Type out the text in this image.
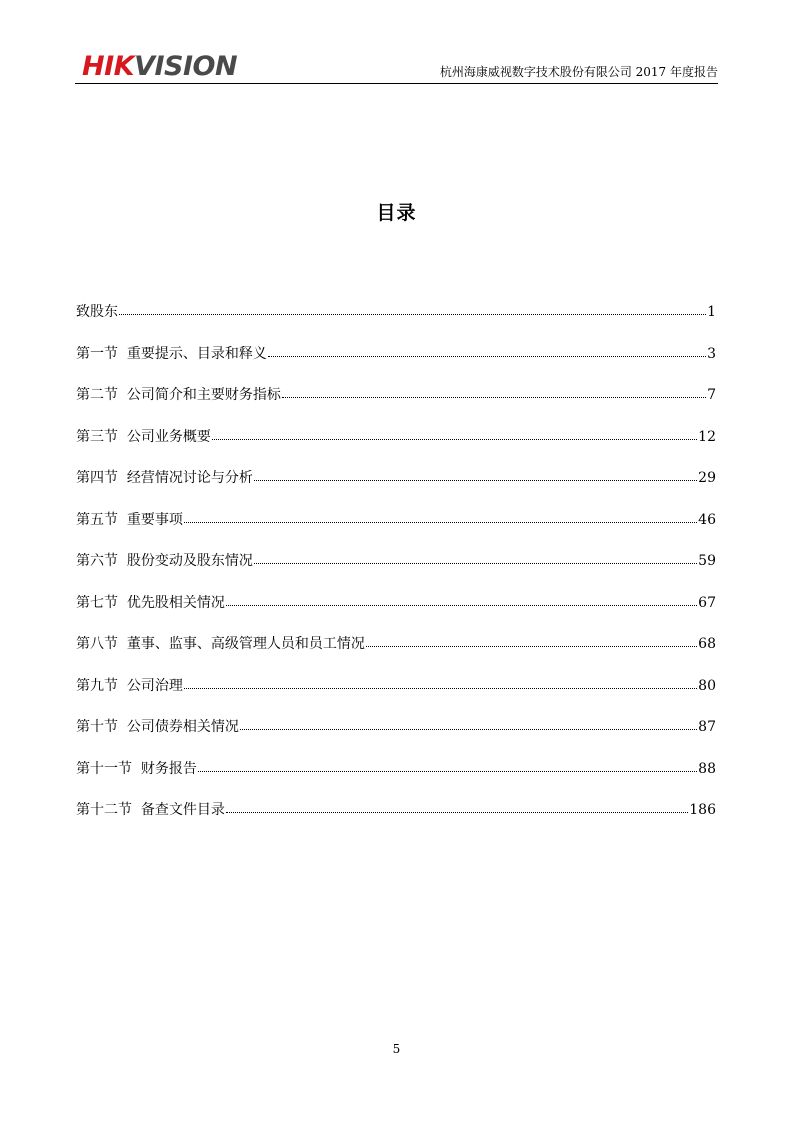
HIKVISION	杭州海康威视数字技术股份有限公司 2017 年度报告
目录
致股东	1
第一节  重要提示、目录和释义	3
第二节  公司简介和主要财务指标	7
第三节  公司业务概要	12
第四节  经营情况讨论与分析	29
第五节  重要事项	46
第六节  股份变动及股东情况	59
第七节  优先股相关情况	67
第八节  董事、监事、高级管理人员和员工情况	68
第九节  公司治理	80
第十节  公司债券相关情况	87
第十一节  财务报告	88
第十二节  备查文件目录	186
5
